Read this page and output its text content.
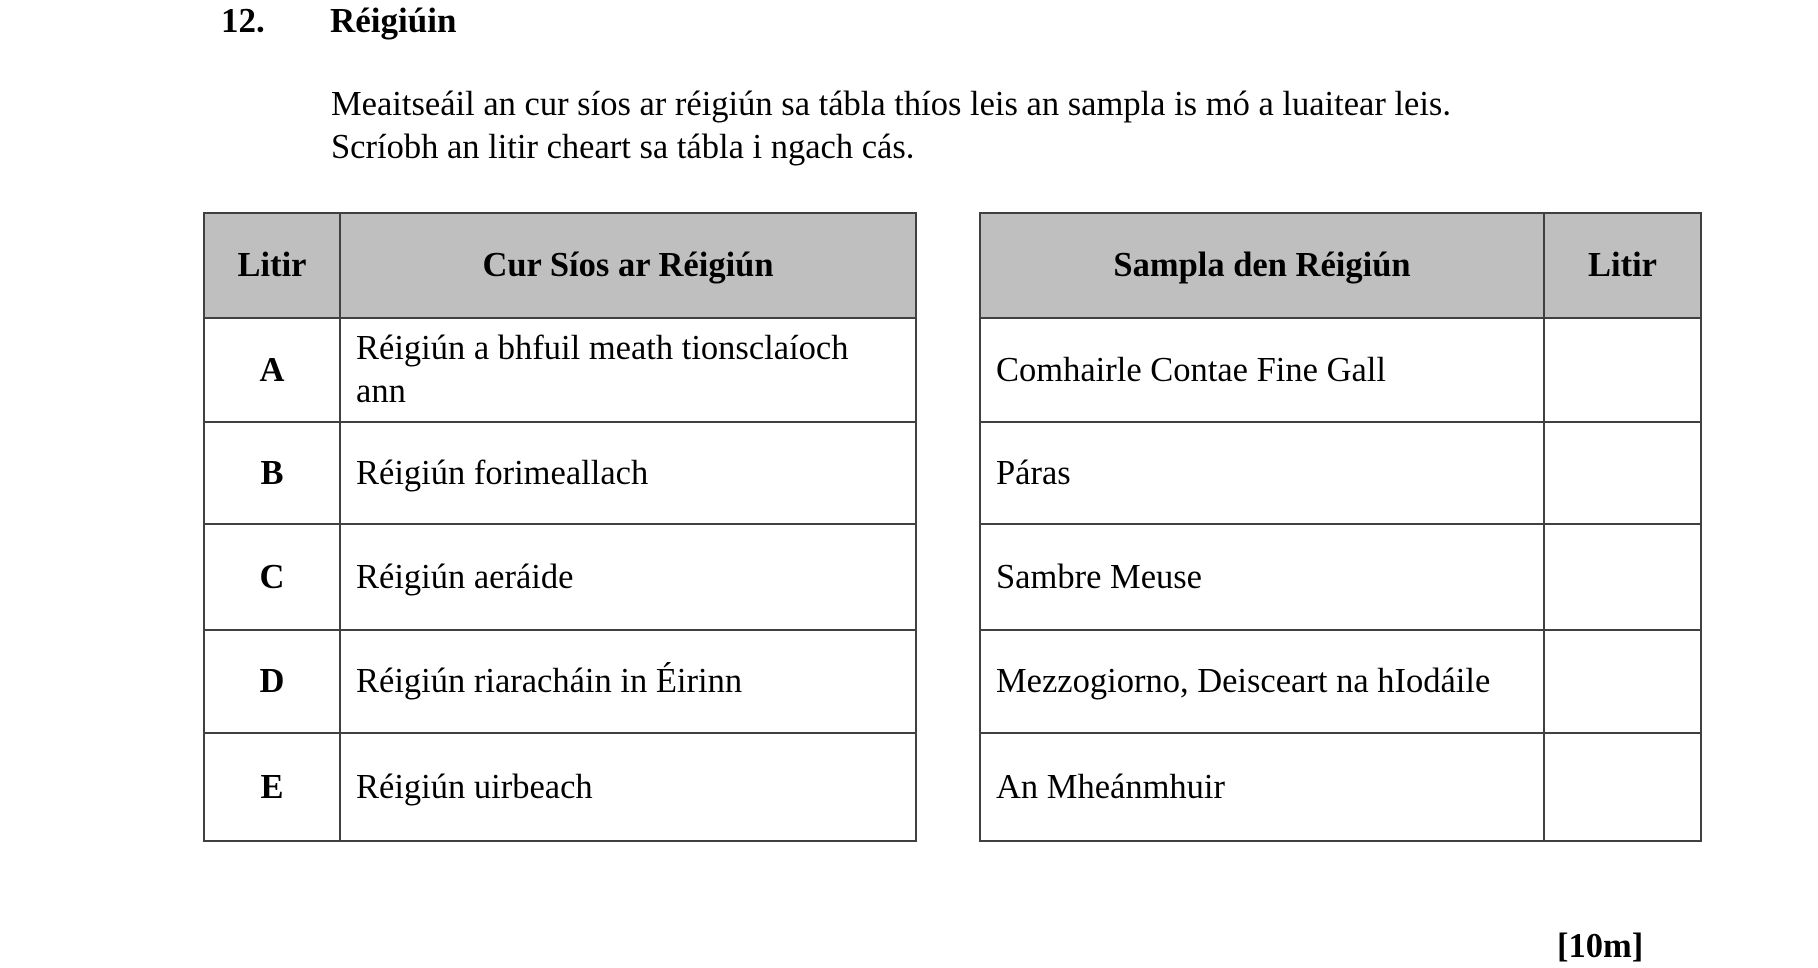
12. Réigiúin
Meaitseáil an cur síos ar réigiún sa tábla thíos leis an sampla is mó a luaitear leis.
Scríobh an litir cheart sa tábla i ngach cás.
Litir	Cur Síos ar Réigiún
A	Réigiún a bhfuil meath tionsclaíoch ann
B	Réigiún forimeallach
C	Réigiún aeráide
D	Réigiún riaracháin in Éirinn
E	Réigiún uirbeach
Sampla den Réigiún	Litir
Comhairle Contae Fine Gall	
Páras	
Sambre Meuse	
Mezzogiorno, Deisceart na hIodáile	
An Mheánmhuir	
[10m]
